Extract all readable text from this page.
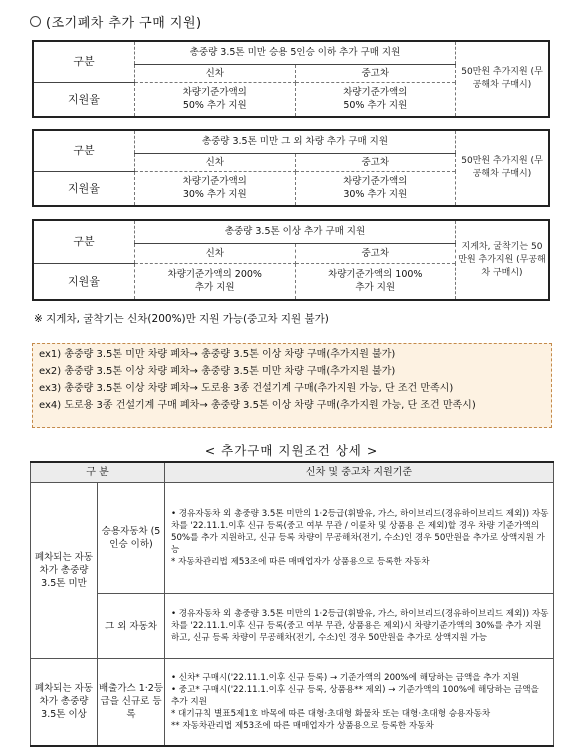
(조기폐차 추가 구매 지원)
구분	총중량 3.5톤 미만 승용 5인승 이하 추가 구매 지원		50만원 추가지원 (무공해차 구매시)
	신차	중고차	
지원율	차량기준가액의 50% 추가 지원	차량기준가액의 50% 추가 지원	
구분	총중량 3.5톤 미만 그 외 차량 추가 구매 지원		50만원 추가지원 (무공해차 구매시)
	신차	중고차	
지원율	차량기준가액의 30% 추가 지원	차량기준가액의 30% 추가 지원	
구분	총중량 3.5톤 이상 추가 구매 지원		지게차, 굴착기는 50만원 추가지원 (무공해차 구매시)
	신차	중고차	
지원율	차량기준가액의 200% 추가 지원	차량기준가액의 100% 추가 지원	
※ 지게차, 굴착기는 신차(200%)만 지원 가능(중고차 지원 불가)
ex1) 총중량 3.5톤 미만 차량 폐차→ 총중량 3.5톤 이상 차량 구매(추가지원 불가)
ex2) 총중량 3.5톤 이상 차량 폐차→ 총중량 3.5톤 미만 차량 구매(추가지원 불가)
ex3) 총중량 3.5톤 이상 차량 폐차→ 도로용 3종 건설기계 구매(추가지원 가능, 단 조건 만족시)
ex4) 도로용 3종 건설기계 구매 폐차→ 총중량 3.5톤 이상 차량 구매(추가지원 가능, 단 조건 만족시)
< 추가구매 지원조건 상세 >
구 분		신차 및 중고차 지원기준
폐차되는 자동차가 총중량 3.5톤 미만	승용자동차 (5인승 이하)	• 경유자동차 외 총중량 3.5톤 미만의 1·2등급(휘발유, 가스, 하이브리드(경유하이브리드 제외)) 자동차를 '22.11.1.이후 신규 등록(중고 여부 무관 / 이륜차 및 상품용 은 제외)할 경우 차량 기준가액의 50%를 추가 지원하고, 신규 등록 차량이 무공해차(전기, 수소)인 경우 50만원을 추가로 상액지원 가능

* 자동차관리법 제53조에 따른 매매업자가 상품용으로 등록한 자동차

	그 외 자동차	• 경유자동차 외 총중량 3.5톤 미만의 1·2등급(휘발유, 가스, 하이브리드(경유하이브리드 제외)) 자동차를 '22.11.1.이후 신규 등록(중고 여부 무관, 상품용은 제외)시 차량기준가액의 30%를 추가 지원하고, 신규 등록 차량이 무공해차(전기, 수소)인 경우 50만원을 추가로 상액지원 가능

폐차되는 자동차가 총중량 3.5톤 이상	배출가스 1·2등급을 신규로 등록	• 신차* 구매시('22.11.1.이후 신규 등록) → 기준가액의 200%에 해당하는 금액을 추가 지원

• 중고* 구매시('22.11.1.이후 신규 등록, 상품용** 제외) → 기준가액의 100%에 해당하는 금액을 추가 지원

* 대기규칙 별표5제1호 바목에 따른 대형·초대형 화물차 또는 대형·초대형 승용자동차

** 자동차관리법 제53조에 따른 매매업자가 상품용으로 등록한 자동차
